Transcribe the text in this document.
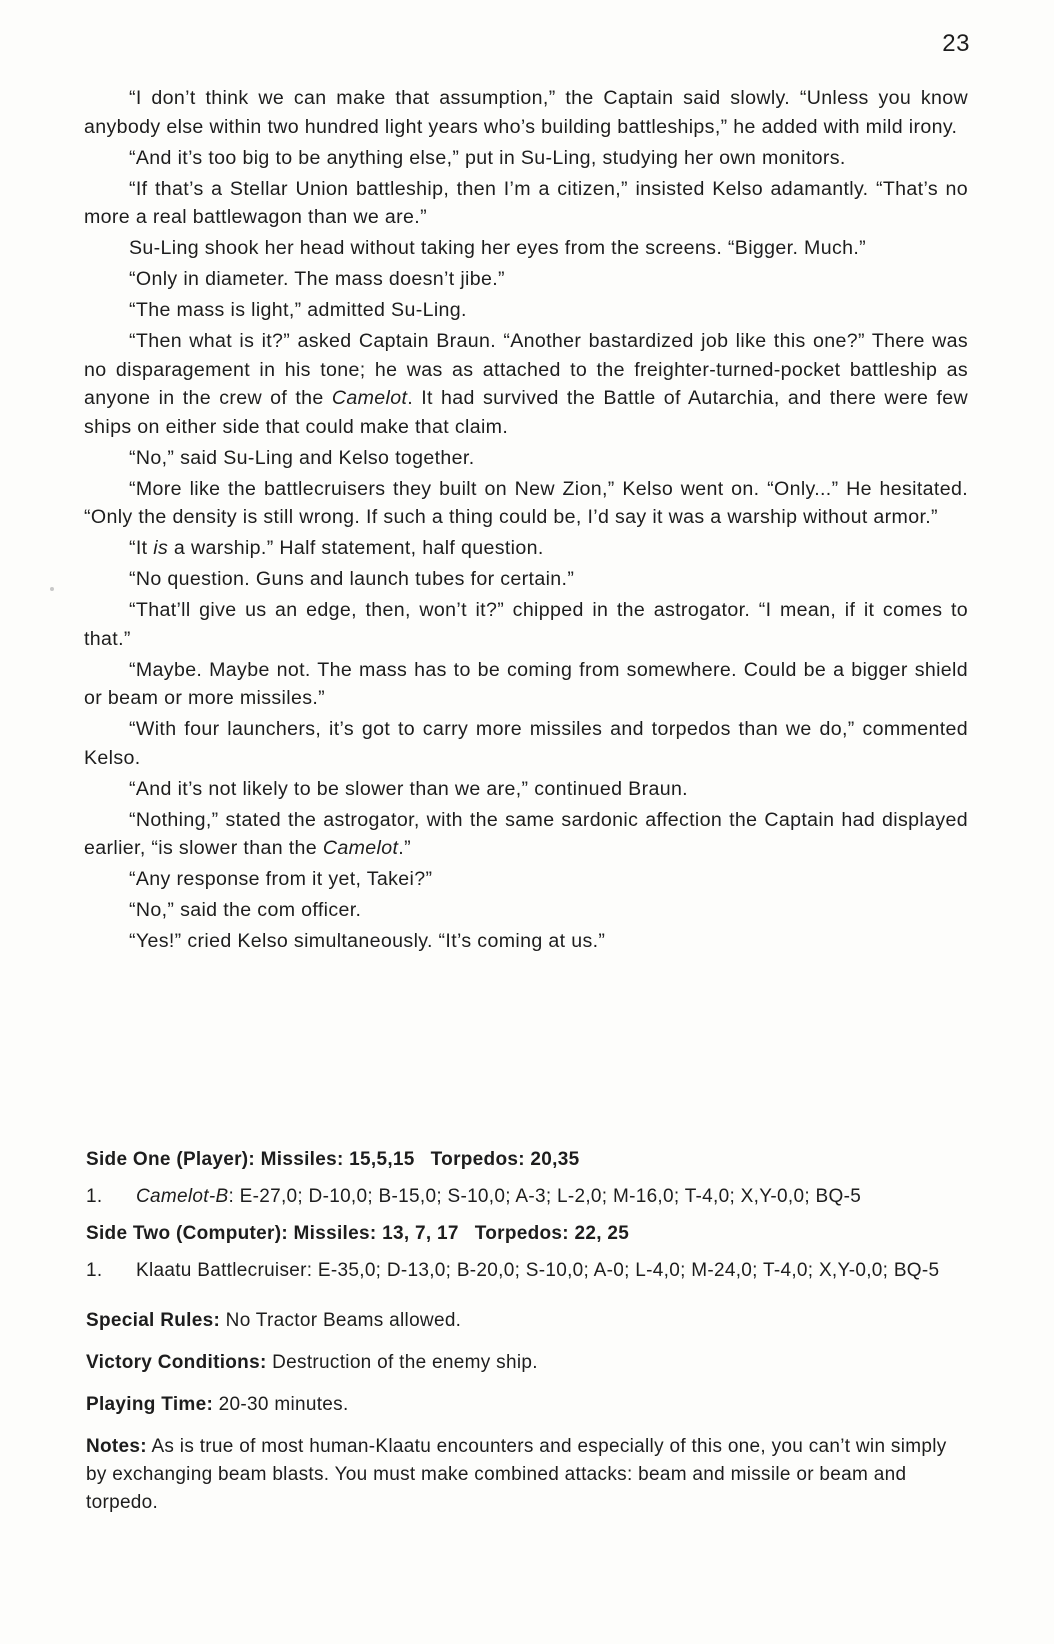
23

“I don’t think we can make that assumption,” the Captain said slowly. “Unless you know anybody else within two hundred light years who’s building battleships,” he added with mild irony.

“And it’s too big to be anything else,” put in Su-Ling, studying her own monitors.

“If that’s a Stellar Union battleship, then I’m a citizen,” insisted Kelso adamantly. “That’s no more a real battlewagon than we are.”

Su-Ling shook her head without taking her eyes from the screens. “Bigger. Much.”

“Only in diameter. The mass doesn’t jibe.”

“The mass is light,” admitted Su-Ling.

“Then what is it?” asked Captain Braun. “Another bastardized job like this one?” There was no disparagement in his tone; he was as attached to the freighter-turned-pocket battleship as anyone in the crew of the Camelot. It had survived the Battle of Autarchia, and there were few ships on either side that could make that claim.

“No,” said Su-Ling and Kelso together.

“More like the battlecruisers they built on New Zion,” Kelso went on. “Only...” He hesitated. “Only the density is still wrong. If such a thing could be, I’d say it was a warship without armor.”

“It is a warship.” Half statement, half question.

“No question. Guns and launch tubes for certain.”

“That’ll give us an edge, then, won’t it?” chipped in the astrogator. “I mean, if it comes to that.”

“Maybe. Maybe not. The mass has to be coming from somewhere. Could be a bigger shield or beam or more missiles.”

“With four launchers, it’s got to carry more missiles and torpedos than we do,” commented Kelso.

“And it’s not likely to be slower than we are,” continued Braun.

“Nothing,” stated the astrogator, with the same sardonic affection the Captain had displayed earlier, “is slower than the Camelot.”

“Any response from it yet, Takei?”

“No,” said the com officer.

“Yes!” cried Kelso simultaneously. “It’s coming at us.”

Side One (Player): Missiles: 15,5,15 Torpedos: 20,35
1.	Camelot-B: E-27,0; D-10,0; B-15,0; S-10,0; A-3; L-2,0; M-16,0; T-4,0; X,Y-0,0; BQ-5
Side Two (Computer): Missiles: 13, 7, 17 Torpedos: 22, 25
1.	Klaatu Battlecruiser: E-35,0; D-13,0; B-20,0; S-10,0; A-0; L-4,0; M-24,0; T-4,0; X,Y-0,0; BQ-5

Special Rules: No Tractor Beams allowed.

Victory Conditions: Destruction of the enemy ship.

Playing Time: 20-30 minutes.

Notes: As is true of most human-Klaatu encounters and especially of this one, you can’t win simply by exchanging beam blasts. You must make combined attacks: beam and missile or beam and torpedo.
